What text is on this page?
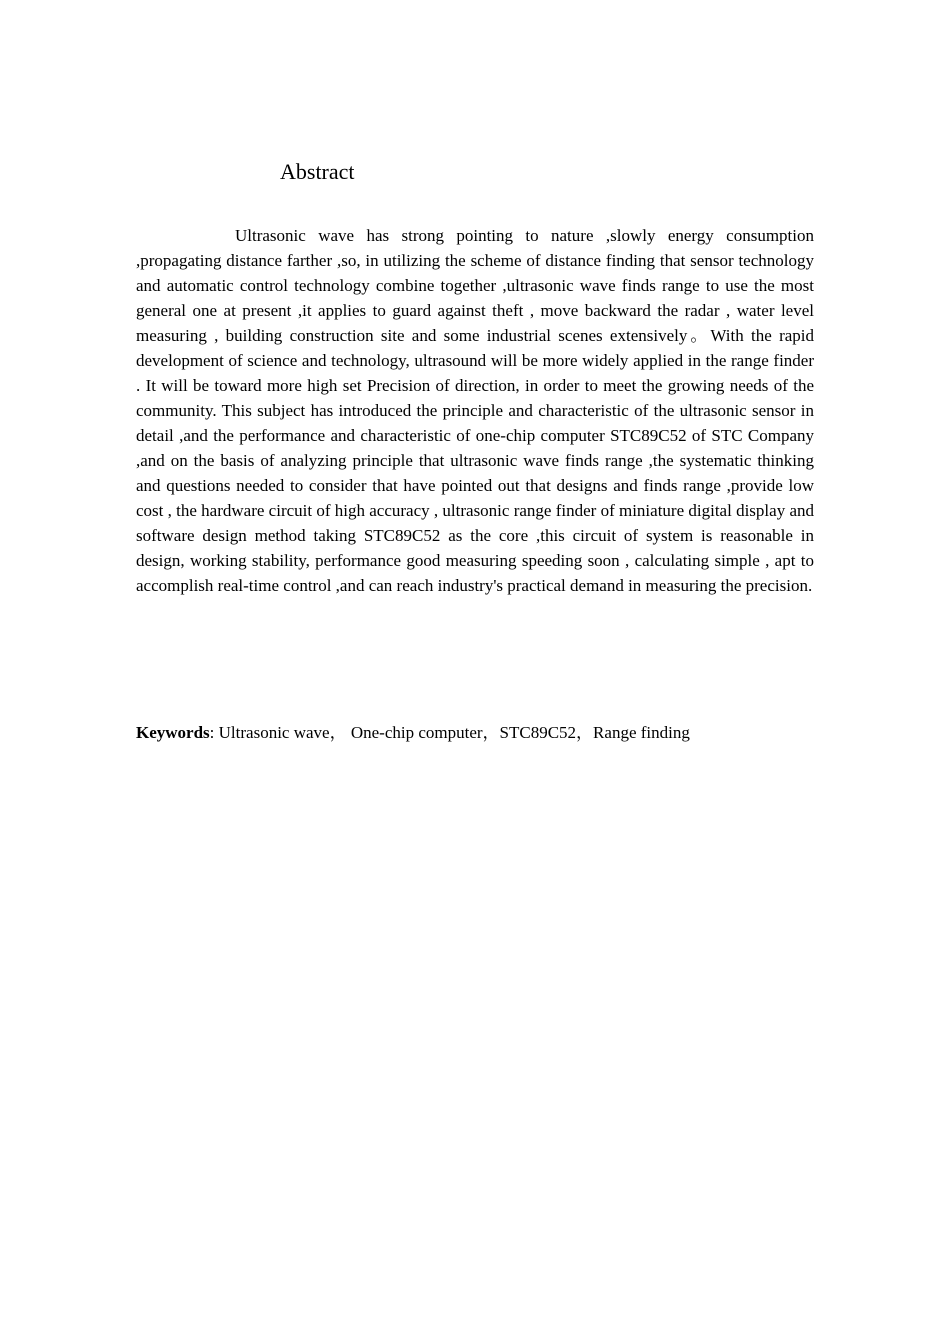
Abstract

Ultrasonic wave has strong pointing to nature ,slowly energy consumption ,propagating distance farther ,so, in utilizing the scheme of distance finding that sensor technology and automatic control technology combine together ,ultrasonic wave finds range to use the most general one at present ,it applies to guard against theft , move backward the radar , water level measuring , building construction site and some industrial scenes extensively。With the rapid development of science and technology, ultrasound will be more widely applied in the range finder . It will be toward more high set Precision of direction, in order to meet the growing needs of the community. This subject has introduced the principle and characteristic of the ultrasonic sensor in detail ,and the performance and characteristic of one-chip computer STC89C52 of STC Company ,and on the basis of analyzing principle that ultrasonic wave finds range ,the systematic thinking and questions needed to consider that have pointed out that designs and finds range ,provide low cost , the hardware circuit of high accuracy , ultrasonic range finder of miniature digital display and software design method taking STC89C52 as the core ,this circuit of system is reasonable in design, working stability, performance good measuring speeding soon , calculating simple , apt to accomplish real-time control ,and can reach industry's practical demand in measuring the precision.

Keywords: Ultrasonic wave， One-chip computer，STC89C52，Range finding
